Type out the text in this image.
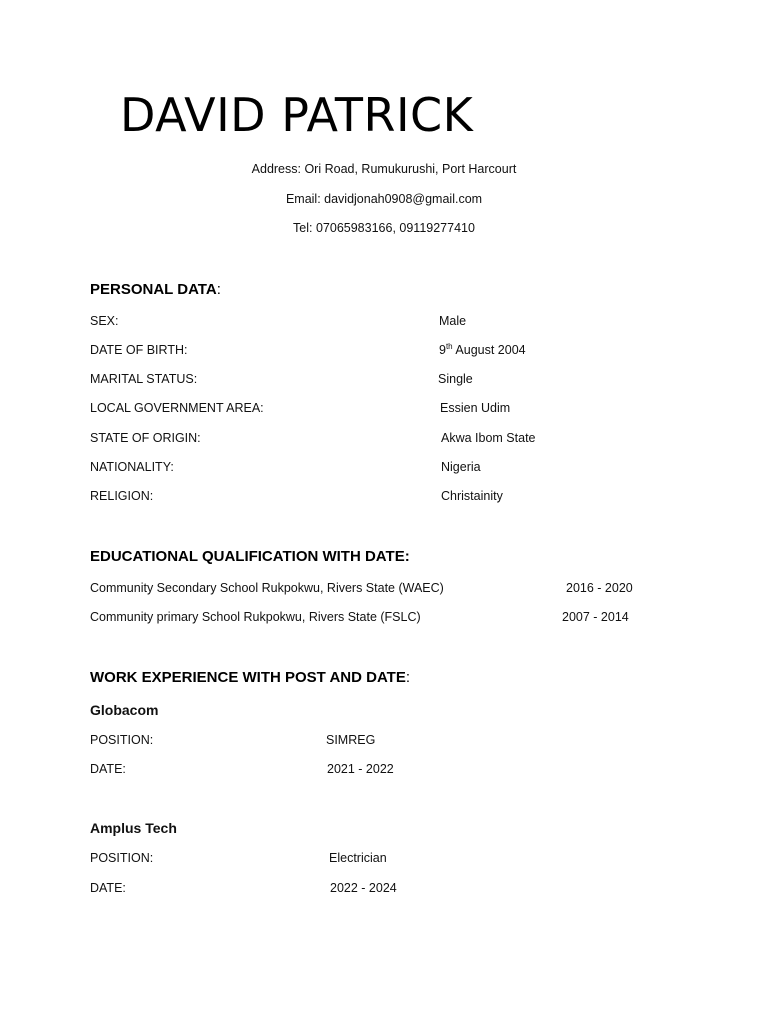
DAVID PATRICK
Address: Ori Road, Rumukurushi, Port Harcourt
Email: davidjonah0908@gmail.com
Tel: 07065983166, 09119277410
PERSONAL DATA:
SEX:	Male
DATE OF BIRTH:	9th August 2004
MARITAL STATUS:	Single
LOCAL GOVERNMENT AREA:	Essien Udim
STATE OF ORIGIN:	Akwa Ibom State
NATIONALITY:	Nigeria
RELIGION:	Christainity
EDUCATIONAL QUALIFICATION WITH DATE:
Community Secondary School Rukpokwu, Rivers State (WAEC)	2016 - 2020
Community primary School Rukpokwu, Rivers State (FSLC)	2007 - 2014
WORK EXPERIENCE WITH POST AND DATE:
Globacom
POSITION:	SIMREG
DATE:	2021 - 2022
Amplus Tech
POSITION:	Electrician
DATE:	2022 - 2024
